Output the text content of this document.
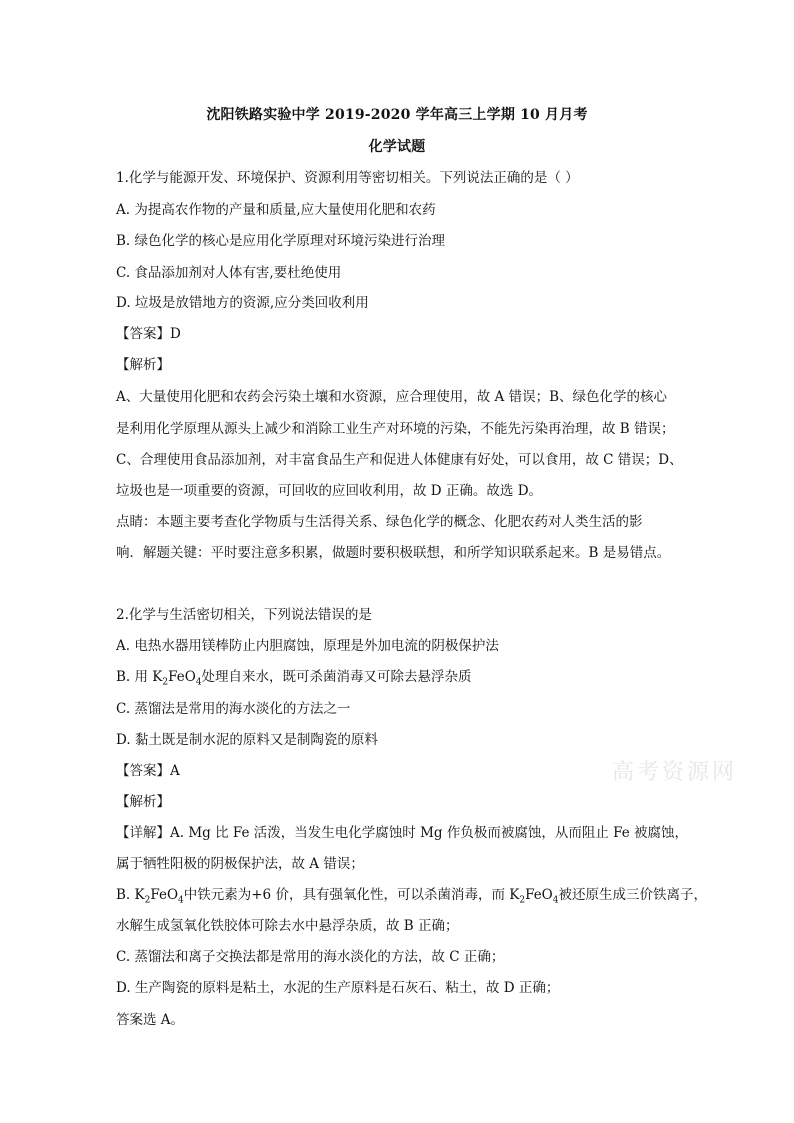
沈阳铁路实验中学 2019-2020 学年高三上学期 10 月月考
化学试题
1.化学与能源开发、环境保护、资源利用等密切相关。下列说法正确的是（ ）
A. 为提高农作物的产量和质量,应大量使用化肥和农药
B. 绿色化学的核心是应用化学原理对环境污染进行治理
C. 食品添加剂对人体有害,要杜绝使用
D. 垃圾是放错地方的资源,应分类回收利用
【答案】D
【解析】
A、大量使用化肥和农药会污染土壤和水资源，应合理使用，故 A 错误；B、绿色化学的核心
是利用化学原理从源头上减少和消除工业生产对环境的污染，不能先污染再治理，故 B 错误；
C、合理使用食品添加剂，对丰富食品生产和促进人体健康有好处，可以食用，故 C 错误；D、
垃圾也是一项重要的资源，可回收的应回收利用，故 D 正确。故选 D。
点睛：本题主要考查化学物质与生活得关系、绿色化学的概念、化肥农药对人类生活的影
响．解题关键：平时要注意多积累，做题时要积极联想，和所学知识联系起来。B 是易错点。
2.化学与生活密切相关，下列说法错误的是
A. 电热水器用镁棒防止内胆腐蚀，原理是外加电流的阴极保护法
B. 用 $K_2FeO_4$处理自来水，既可杀菌消毒又可除去悬浮杂质
C. 蒸馏法是常用的海水淡化的方法之一
D. 黏土既是制水泥的原料又是制陶瓷的原料
【答案】A
【解析】
【详解】A. Mg 比 Fe 活泼，当发生电化学腐蚀时 Mg 作负极而被腐蚀，从而阻止 Fe 被腐蚀，
属于牺牲阳极的阴极保护法，故 A 错误；
B. $K_2FeO_4$中铁元素为+6 价，具有强氧化性，可以杀菌消毒，而 $K_2FeO_4$被还原生成三价铁离子，
水解生成氢氧化铁胶体可除去水中悬浮杂质，故 B 正确；
C. 蒸馏法和离子交换法都是常用的海水淡化的方法，故 C 正确；
D. 生产陶瓷的原料是粘土，水泥的生产原料是石灰石、粘土，故 D 正确；
答案选 A。
高考资源网
